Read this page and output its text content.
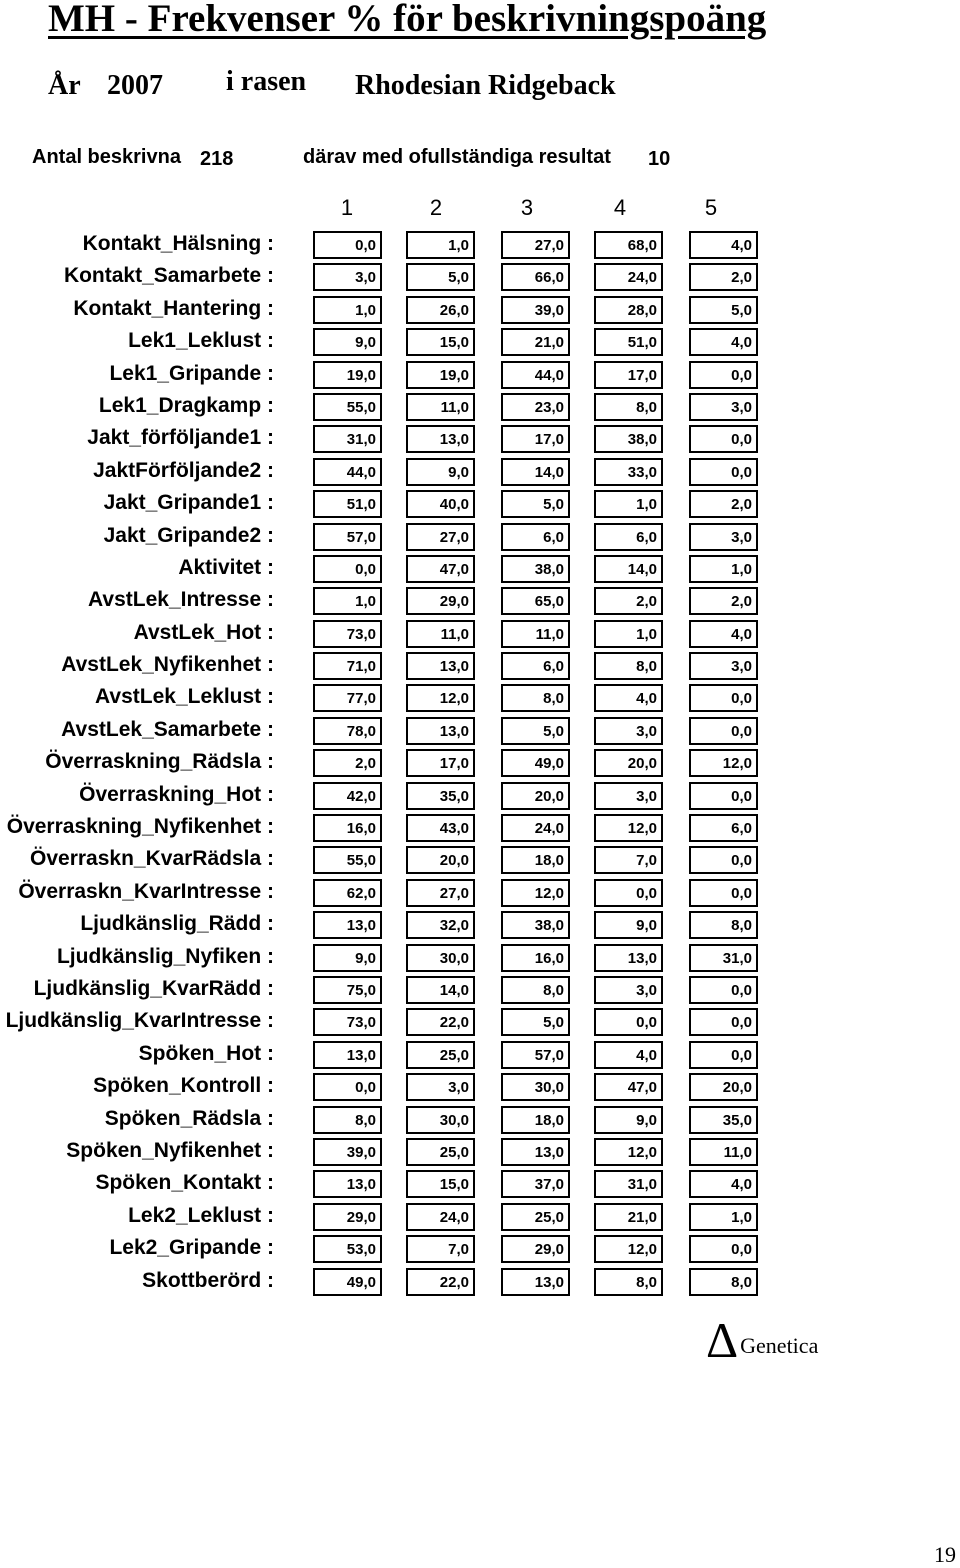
MH - Frekvenser % för beskrivningspoäng
År 2007 i rasen Rhodesian Ridgeback
Antal beskrivna 218	därav med ofullständiga resultat 10
1	2	3	4	5
Kontakt_Hälsning :	0,0	1,0	27,0	68,0	4,0
Kontakt_Samarbete :	3,0	5,0	66,0	24,0	2,0
Kontakt_Hantering :	1,0	26,0	39,0	28,0	5,0
Lek1_Leklust :	9,0	15,0	21,0	51,0	4,0
Lek1_Gripande :	19,0	19,0	44,0	17,0	0,0
Lek1_Dragkamp :	55,0	11,0	23,0	8,0	3,0
Jakt_förföljande1 :	31,0	13,0	17,0	38,0	0,0
JaktFörföljande2 :	44,0	9,0	14,0	33,0	0,0
Jakt_Gripande1 :	51,0	40,0	5,0	1,0	2,0
Jakt_Gripande2 :	57,0	27,0	6,0	6,0	3,0
Aktivitet :	0,0	47,0	38,0	14,0	1,0
AvstLek_Intresse :	1,0	29,0	65,0	2,0	2,0
AvstLek_Hot :	73,0	11,0	11,0	1,0	4,0
AvstLek_Nyfikenhet :	71,0	13,0	6,0	8,0	3,0
AvstLek_Leklust :	77,0	12,0	8,0	4,0	0,0
AvstLek_Samarbete :	78,0	13,0	5,0	3,0	0,0
Överraskning_Rädsla :	2,0	17,0	49,0	20,0	12,0
Överraskning_Hot :	42,0	35,0	20,0	3,0	0,0
Överraskning_Nyfikenhet :	16,0	43,0	24,0	12,0	6,0
Överraskn_KvarRädsla :	55,0	20,0	18,0	7,0	0,0
Överraskn_KvarIntresse :	62,0	27,0	12,0	0,0	0,0
Ljudkänslig_Rädd :	13,0	32,0	38,0	9,0	8,0
Ljudkänslig_Nyfiken :	9,0	30,0	16,0	13,0	31,0
Ljudkänslig_KvarRädd :	75,0	14,0	8,0	3,0	0,0
Ljudkänslig_KvarIntresse :	73,0	22,0	5,0	0,0	0,0
Spöken_Hot :	13,0	25,0	57,0	4,0	0,0
Spöken_Kontroll :	0,0	3,0	30,0	47,0	20,0
Spöken_Rädsla :	8,0	30,0	18,0	9,0	35,0
Spöken_Nyfikenhet :	39,0	25,0	13,0	12,0	11,0
Spöken_Kontakt :	13,0	15,0	37,0	31,0	4,0
Lek2_Leklust :	29,0	24,0	25,0	21,0	1,0
Lek2_Gripande :	53,0	7,0	29,0	12,0	0,0
Skottberörd :	49,0	22,0	13,0	8,0	8,0
ΔGenetica
19
